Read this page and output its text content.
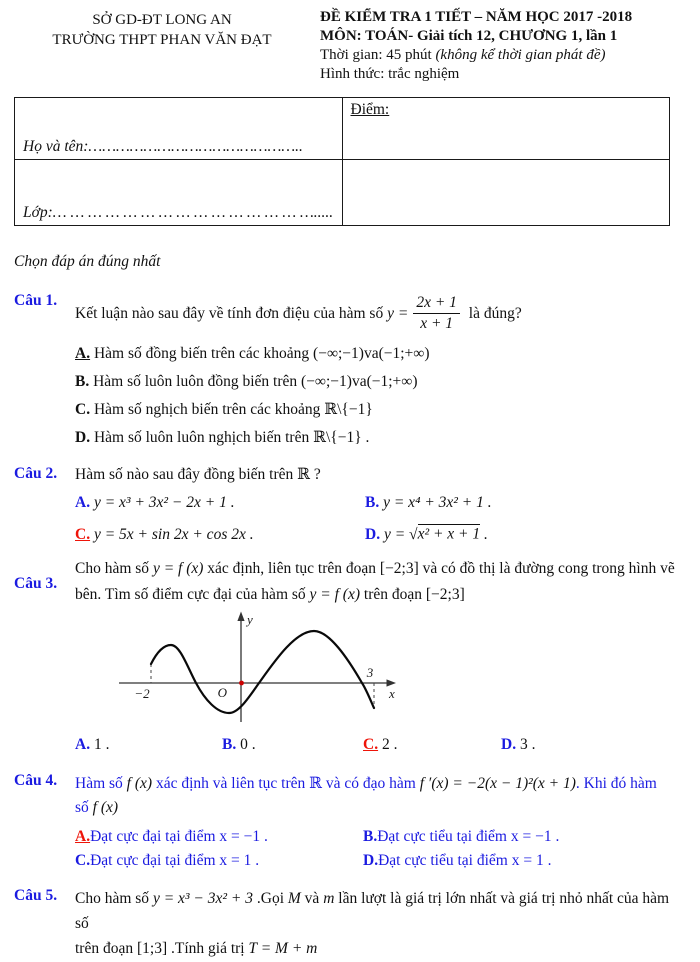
SỞ GD-ĐT LONG AN
TRƯỜNG THPT PHAN VĂN ĐẠT
ĐỀ KIỂM TRA 1 TIẾT – NĂM HỌC 2017 -2018
MÔN: TOÁN- Giải tích 12, CHƯƠNG 1, lần 1
Thời gian: 45 phút (không kể thời gian phát đề)
Hình thức: trắc nghiệm
Họ và tên:………………………………………..	Điểm:
Lớp:… … … … … … … … … … … … … … ….....	
Chọn đáp án đúng nhất
Câu 1.
Kết luận nào sau đây về tính đơn điệu của hàm số $y = \frac{2x + 1}{x + 1}$ là đúng?
A. Hàm số đồng biến trên các khoảng (−∞;−1)va(−1;+∞)
B. Hàm số luôn luôn đồng biến trên (−∞;−1)va(−1;+∞)
C. Hàm số nghịch biến trên các khoảng ℝ\{−1}
D. Hàm số luôn luôn nghịch biến trên ℝ\{−1} .
Câu 2.	Hàm số nào sau đây đồng biến trên ℝ ?
A. y = x³ + 3x² − 2x + 1 .	B. y = x⁴ + 3x² + 1 .
C. y = 5x + sin 2x + cos 2x .	D. y = √x² + x + 1 .
Câu 3.
Cho hàm số y = f (x) xác định, liên tục trên đoạn [−2;3] và có đồ thị là đường cong trong hình vẽ
bên. Tìm số điểm cực đại của hàm số y = f (x) trên đoạn [−2;3]
y
x
O
−2
3
A. 1 .	B. 0 .	C. 2 .	D. 3 .
Câu 4.	Hàm số f (x) xác định và liên tục trên ℝ và có đạo hàm f ′(x) = −2(x − 1)²(x + 1). Khi đó hàm
số f (x)
A.Đạt cực đại tại điểm x = −1 .	B.Đạt cực tiểu tại điểm x = −1 .
C.Đạt cực đại tại điểm x = 1 .	D.Đạt cực tiểu tại điểm x = 1 .
Câu 5.	Cho hàm số y = x³ − 3x² + 3 .Gọi M và m lần lượt là giá trị lớn nhất và giá trị nhỏ nhất của hàm số
trên đoạn [1;3] .Tính giá trị T = M + m
